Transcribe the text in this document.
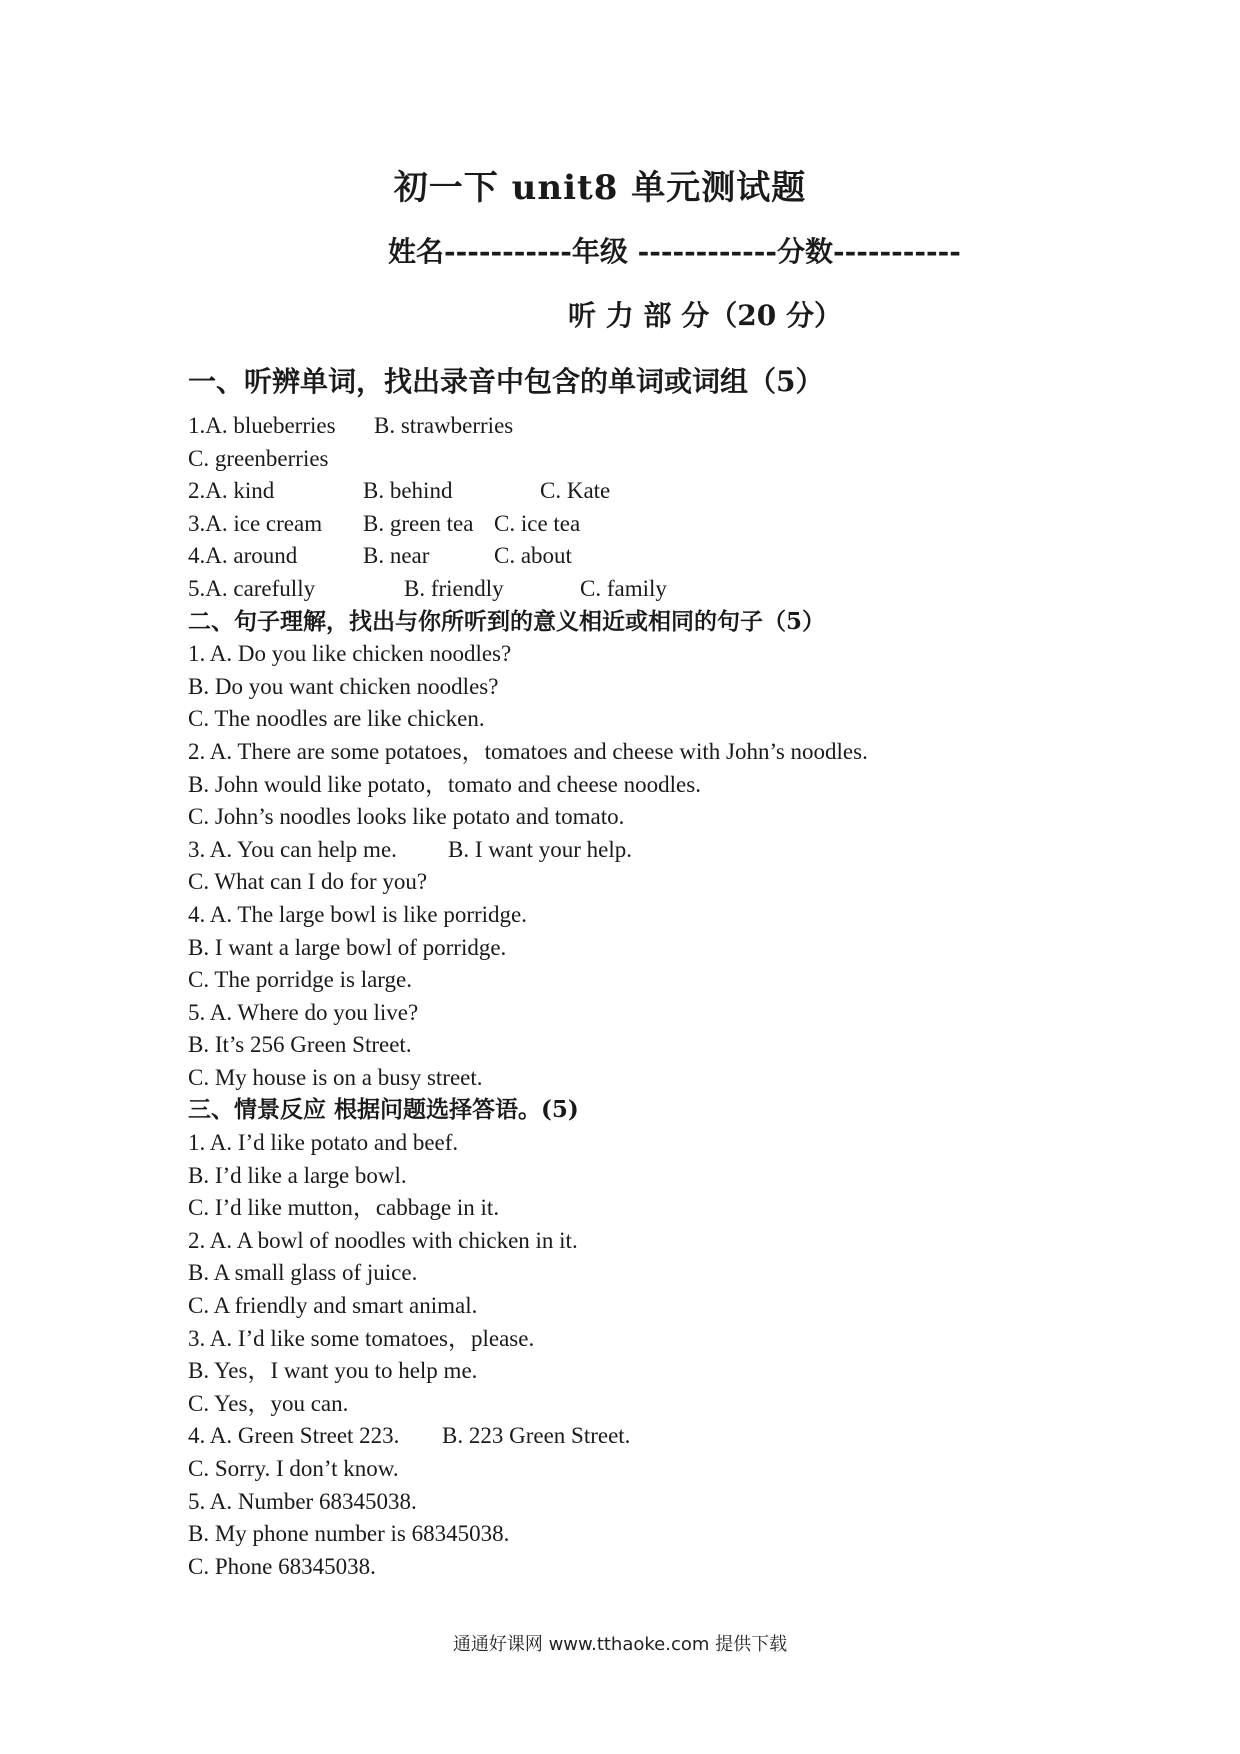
初一下 unit8 单元测试题
姓名-----------年级 ------------分数-----------
听 力 部 分（20 分）
一、听辨单词，找出录音中包含的单词或词组（5）
1.A. blueberries B. strawberries
C. greenberries
2.A. kind	B. behind	C. Kate
3.A. ice cream B. green tea C. ice tea
4.A. around	B. near	C. about
5.A. carefully	B. friendly	C. family
二、句子理解，找出与你所听到的意义相近或相同的句子（5）
1. A. Do you like chicken noodles?
B. Do you want chicken noodles?
C. The noodles are like chicken.
2. A. There are some potatoes，tomatoes and cheese with John’s noodles.
B. John would like potato，tomato and cheese noodles.
C. John’s noodles looks like potato and tomato.
3. A. You can help me. B. I want your help.
C. What can I do for you?
4. A. The large bowl is like porridge.
B. I want a large bowl of porridge.
C. The porridge is large.
5. A. Where do you live?
B. It’s 256 Green Street.
C. My house is on a busy street.
三、情景反应 根据问题选择答语。(5)
1. A. I’d like potato and beef.
B. I’d like a large bowl.
C. I’d like mutton，cabbage in it.
2. A. A bowl of noodles with chicken in it.
B. A small glass of juice.
C. A friendly and smart animal.
3. A. I’d like some tomatoes，please.
B. Yes，I want you to help me.
C. Yes，you can.
4. A. Green Street 223. B. 223 Green Street.
C. Sorry. I don’t know.
5. A. Number 68345038.
B. My phone number is 68345038.
C. Phone 68345038.
通通好课网 www.tthaoke.com 提供下载
